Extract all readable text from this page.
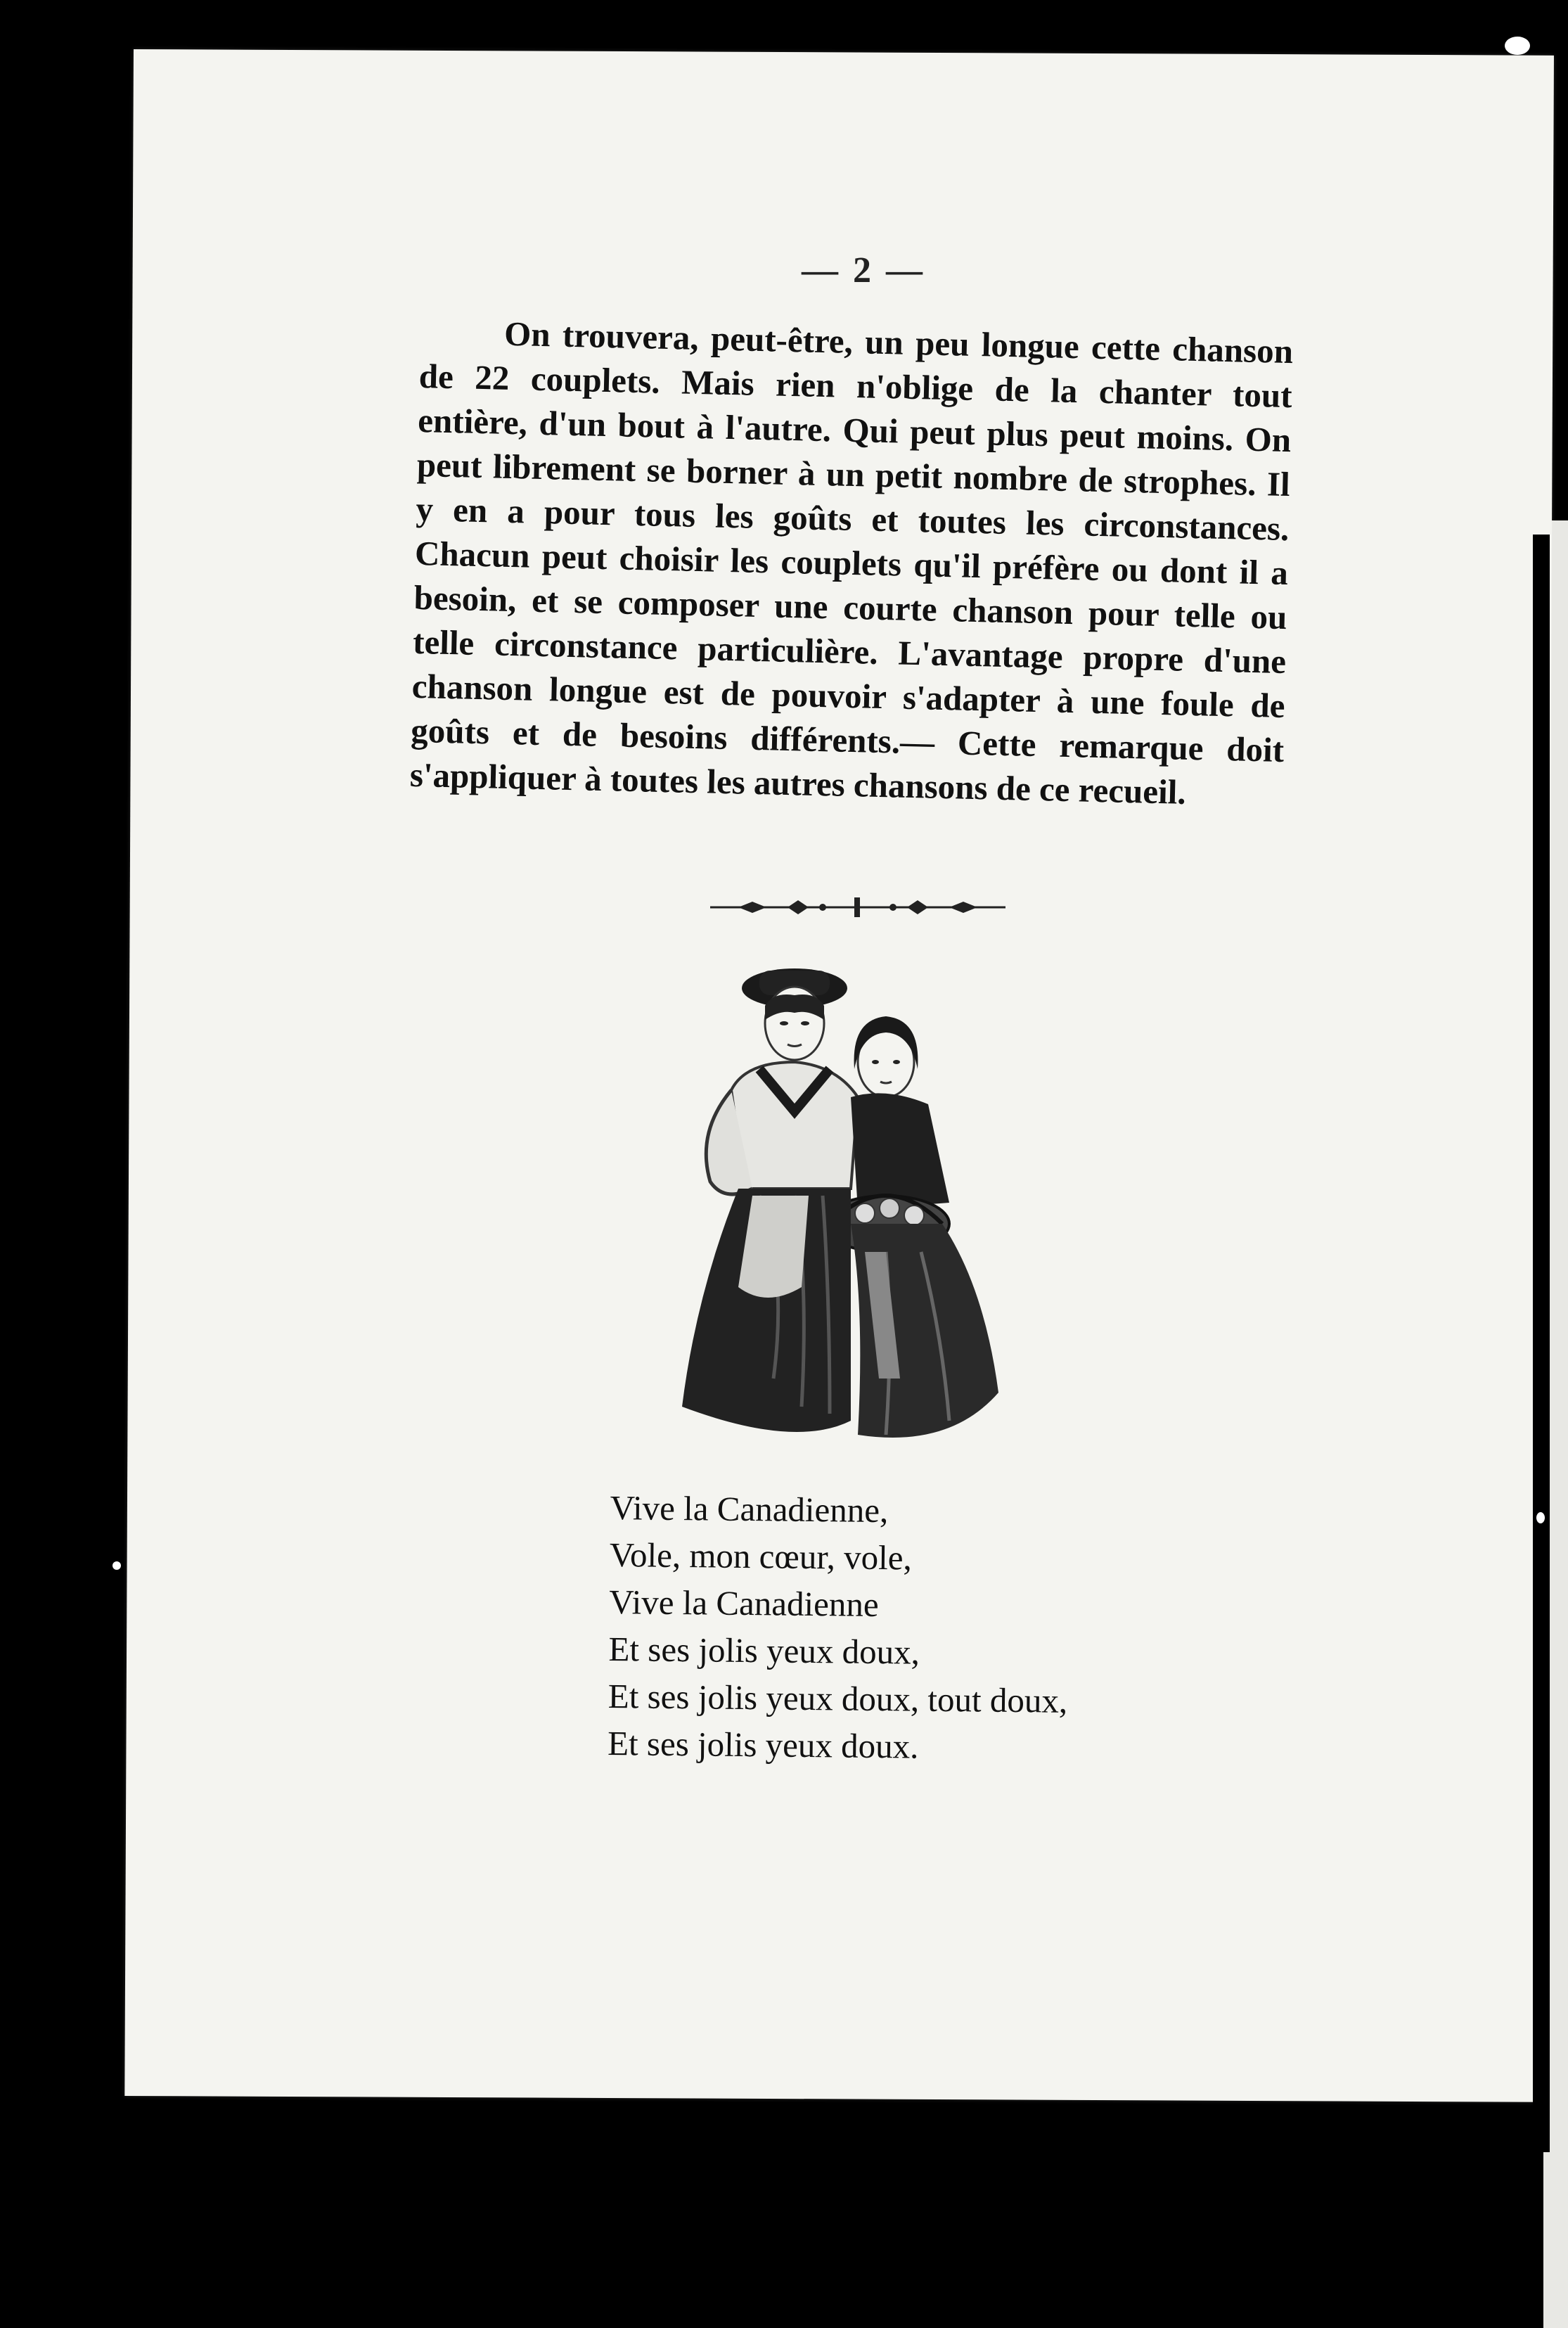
— 2 —
On trouvera, peut-être, un peu longue cette chanson de 22 couplets. Mais rien n'oblige de la chanter tout entière, d'un bout à l'autre. Qui peut plus peut moins. On peut librement se borner à un petit nombre de strophes. Il y en a pour tous les goûts et toutes les circonstances. Chacun peut choisir les couplets qu'il préfère ou dont il a besoin, et se composer une courte chanson pour telle ou telle circonstance particulière. L'avantage propre d'une chanson longue est de pouvoir s'adapter à une foule de goûts et de besoins différents.— Cette remarque doit s'appliquer à toutes les autres chansons de ce recueil.
Vive la Canadienne,
Vole, mon cœur, vole,
Vive la Canadienne
Et ses jolis yeux doux,
Et ses jolis yeux doux, tout doux,
Et ses jolis yeux doux.
